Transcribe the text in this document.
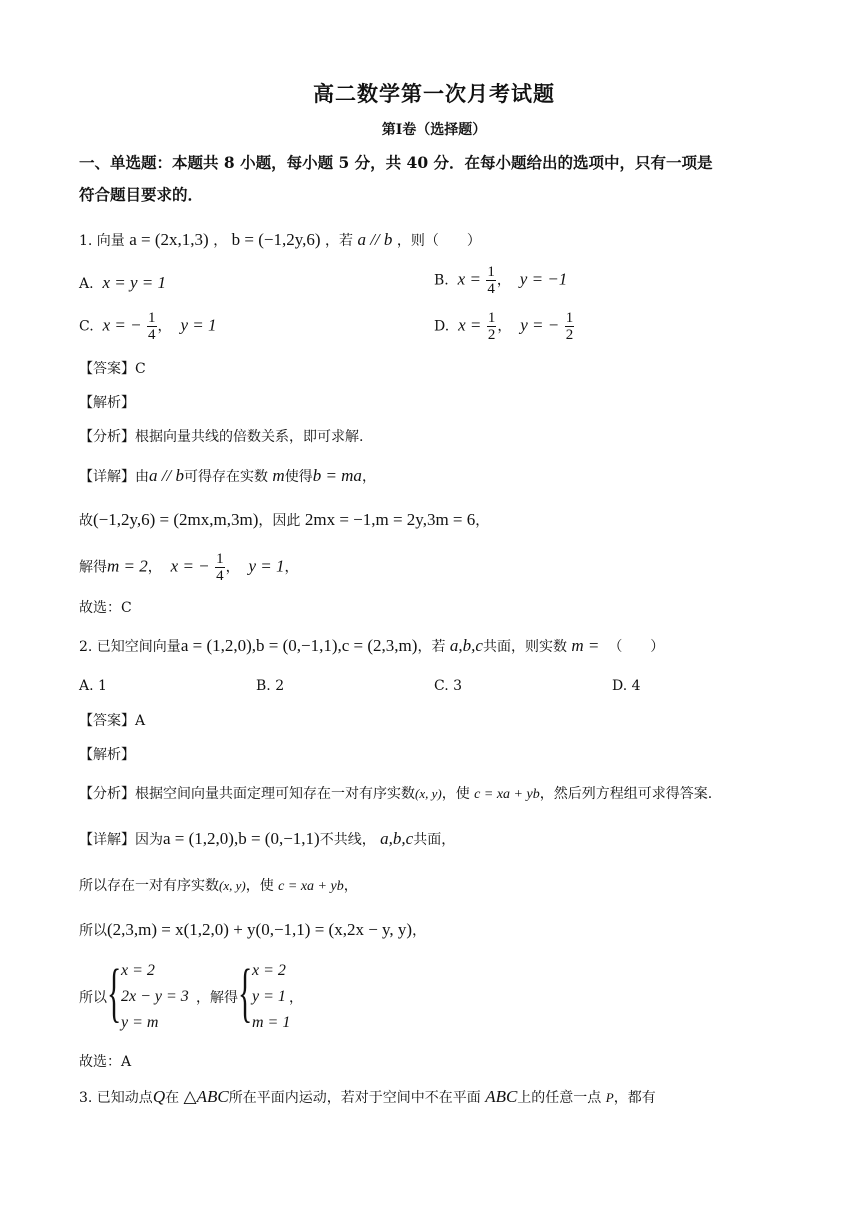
高二数学第一次月考试题
第Ⅰ卷（选择题）
一、单选题：本题共 8 小题，每小题 5 分，共 40 分．在每小题给出的选项中，只有一项是
符合题目要求的．
1. 向量 a = (2x,1,3) ， b = (−1,2y,6) ，若 a // b ，则（　　）
A. x = y = 1	B. $x = \frac{1}{4}$ ，  y = −1
C. x = − $\frac{1}{4}$ ，  y = 1	D. $x = \frac{1}{2}$ ，  y = − $\frac{1}{2}$
【答案】C
【解析】
【分析】根据向量共线的倍数关系，即可求解.
【详解】由a // b可得存在实数 m使得b = ma，
故(−1,2y,6) = (2mx,m,3m)，因此 2mx = −1,m = 2y,3m = 6，
解得m = 2，  x = − $\frac{1}{4}$ ，  y = 1，
故选：C
2. 已知空间向量a = (1,2,0),b = (0,−1,1),c = (2,3,m)，若 a,b,c共面，则实数 m = （　　）
A. 1	B. 2	C. 3	D. 4
【答案】A
【解析】
【分析】根据空间向量共面定理可知存在一对有序实数(x, y)，使 c = xa + yb，然后列方程组可求得答案.
【详解】因为a = (1,2,0),b = (0,−1,1)不共线， a,b,c共面，
所以存在一对有序实数(x, y)，使 c = xa + yb，
所以(2,3,m) = x(1,2,0) + y(0,−1,1) = (x,2x − y, y)，
所以 { x = 2
2x − y = 3
y = m
，解得 { x = 2
y = 1
m = 1
，
故选：A
3. 已知动点Q在 △ABC所在平面内运动，若对于空间中不在平面 ABC上的任意一点 P，都有
